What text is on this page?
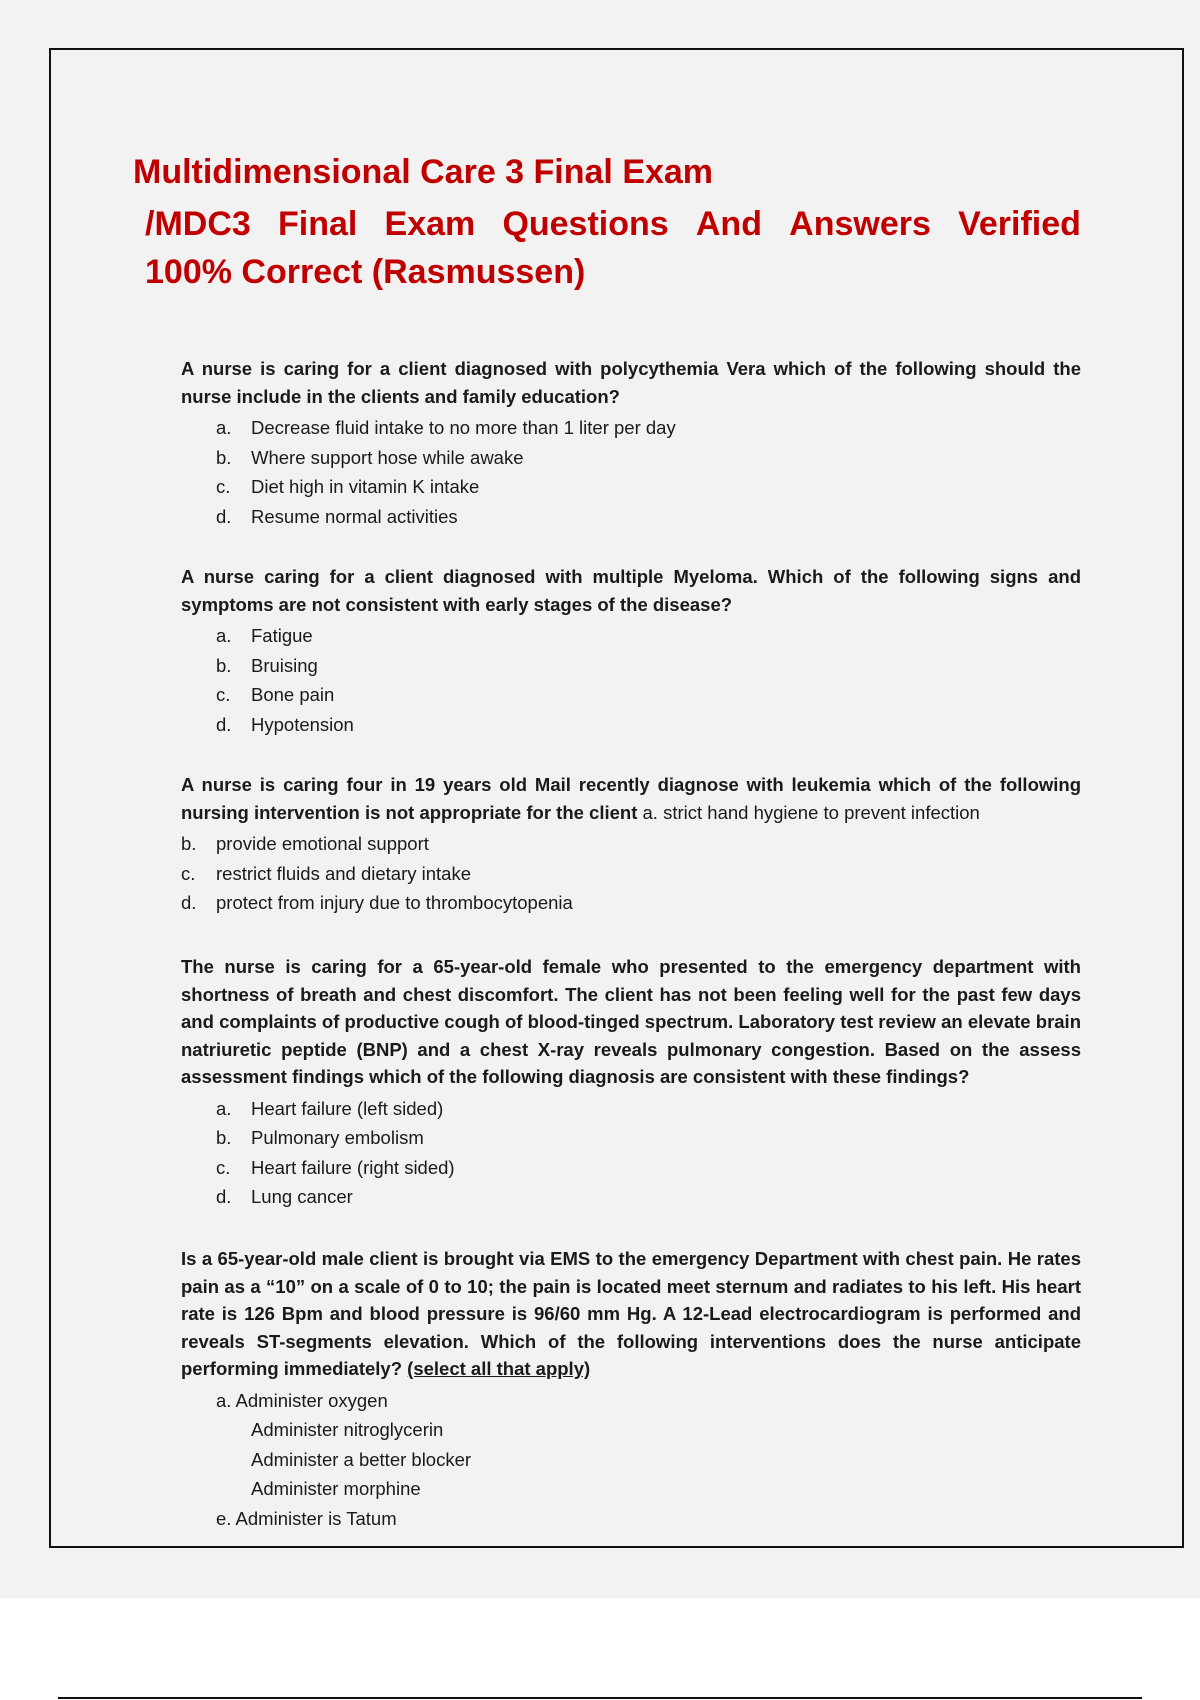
Multidimensional Care 3 Final Exam
/MDC3 Final Exam Questions And Answers Verified
100% Correct (Rasmussen)

A nurse is caring for a client diagnosed with polycythemia Vera which of the following should the nurse include in the clients and family education?

a.	Decrease fluid intake to no more than 1 liter per day
b.	Where support hose while awake
c.	Diet high in vitamin K intake
d.	Resume normal activities

A nurse caring for a client diagnosed with multiple Myeloma. Which of the following signs and symptoms are not consistent with early stages of the disease?

a.	Fatigue
b.	Bruising
c.	Bone pain
d.	Hypotension

A nurse is caring four in 19 years old Mail recently diagnose with leukemia which of the following nursing intervention is not appropriate for the client a. strict hand hygiene to prevent infection

b.	provide emotional support
c.	restrict fluids and dietary intake
d.	protect from injury due to thrombocytopenia

The nurse is caring for a 65-year-old female who presented to the emergency department with shortness of breath and chest discomfort. The client has not been feeling well for the past few days and complaints of productive cough of blood-tinged spectrum. Laboratory test review an elevate brain natriuretic peptide (BNP) and a chest X-ray reveals pulmonary congestion. Based on the assess assessment findings which of the following diagnosis are consistent with these findings?

a.	Heart failure (left sided)
b.	Pulmonary embolism
c.	Heart failure (right sided)
d.	Lung cancer

Is a 65-year-old male client is brought via EMS to the emergency Department with chest pain. He rates pain as a “10” on a scale of 0 to 10; the pain is located meet sternum and radiates to his left. His heart rate is 126 Bpm and blood pressure is 96/60 mm Hg. A 12-Lead electrocardiogram is performed and reveals ST-segments elevation. Which of the following interventions does the nurse anticipate performing immediately? (select all that apply)

a. Administer oxygen
Administer nitroglycerin
Administer a better blocker
Administer morphine
e. Administer is Tatum
